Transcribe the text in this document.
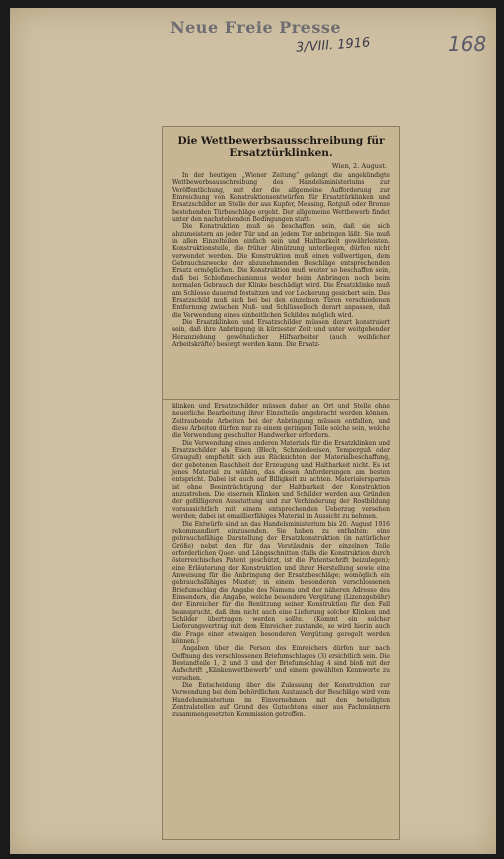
Neue Freie Presse
3/VIII. 1916	168
Die Wettbewerbsausschreibung für Ersatztürklinken.
Wien, 2. August.

In der heutigen „Wiener Zeitung“ gelangt die angekündigte Wettbewerbsausschreibung des Handelsministeriums zur Veröffentlichung, mit der die allgemeine Aufforderung zur Einreichung von Konstruktionsentwürfen für Ersatztürklinken und Ersatzschilder an Stelle der aus Kupfer, Messing, Rotguß oder Bronze bestehenden Türbeschläge ergeht. Der allgemeine Wettbewerb findet unter den nachstehenden Bedingungen statt:

Die Konstruktion muß so beschaffen sein, daß sie sich abzumeistern an jeder Tür und an jedem Tor anbringen läßt. Sie muß in allen Einzelteilen einfach sein und Haltbarkeit gewährleisten. Konstruktionsteile, die früher Abnützung unterliegen, dürfen nicht verwendet werden. Die Konstruktion muß einen vollwertigen, dem Gebrauchszwecke der abzunehmenden Beschläge entsprechenden Ersatz ermöglichen. Die Konstruktion muß weiter so beschaffen sein, daß bei Schloßmechanismus weder beim Anbringen noch beim normalen Gebrauch der Klinke beschädigt wird. Die Ersatzklinke muß am Schlosse dauernd festsitzen und vor Lockerung gesichert sein. Das Ersatzschild muß sich bei bei den einzelnen Türen verschiedenen Entfernung zwischen Nuß- und Schlüsselloch derart anpassen, daß die Verwendung eines einheitlichen Schildes möglich wird.

Die Ersatzklinken und Ersatzschilder müssen derart konstruiert sein, daß ihre Anbringung in kürzester Zeit und unter weitgehender Heranziehung gewöhnlicher Hilfsarbeiter (auch weiblicher Arbeitskräfte) besorgt werden kann. Die Ersatz-

klinken und Ersatzschilder müssen daher an Ort und Stelle ohne neuerliche Bearbeitung ihrer Einzelteile angebracht werden können. Zeitraubende Arbeiten bei der Anbringung müssen entfallen, und diese Arbeiten dürfen nur zu einem geringen Teile solche sein, welche die Verwendung geschulter Handwerker erfordern.

Die Verwendung eines anderen Materials für die Ersatzklinken und Ersatzschilder als Eisen (Blech, Schmiedeeisen, Temperguß oder Grauguß) empfiehlt sich aus Rücksichten der Materialbeschaffung, der gebotenen Raschheit der Erzeugung und Haltbarkeit nicht. Es ist jenes Material zu wählen, das diesen Anforderungen am besten entspricht. Dabei ist auch auf Billigkeit zu achten. Materialersparnis ist ohne Beeinträchtigung der Haltbarkeit der Konstruktion anzustreben. Die eisernen Klinken und Schilder werden aus Gründen der gefälligeren Ausstattung und zur Verhinderung der Rostbildung voraussichtlich mit einem entsprechenden Ueberzug versehen werden; dabei ist emaillierfähiges Material in Aussicht zu nehmen.

Die Entwürfe sind an das Handelsministerium bis 20. August 1916 rekommandiert einzusenden. Sie haben zu enthalten: eine gebrauchsfähige Darstellung der Ersatzkonstruktion (in natürlicher Größe) nebst den für das Verständnis der einzelnen Teile erforderlichen Quer- und Längsschnitten (falls die Konstruktion durch österreichisches Patent geschützt, ist die Patentschrift beizulegen); eine Erläuterung der Konstruktion und ihrer Herstellung sowie eine Anweisung für die Anbringung der Ersatzbeschläge; womöglich ein gebrauchsfähiges Muster; in einem besonderen verschlossenen Briefumschlag die Angabe des Namens und der näheren Adresse des Einsenders, die Angabe, welche besondere Vergütung (Lizenzgebühr) der Einreicher für die Benützung seiner Konstruktion für den Fall beansprucht, daß ihm nicht auch eine Lieferung solcher Klinken und Schilder übertragen werden sollte. (Kommt ein solcher Lieferungsvertrag mit dem Einreicher zustande, so wird hierin auch die Frage einer etwaigen besonderen Vergütung geregelt werden können.)

Angaben über die Person des Einreichers dürfen nur nach Oeffnung des verschlossenen Briefumschlages (3) ersichtlich sein. Die Bestandteile 1, 2 und 3 und der Briefumschlag 4 sind bloß mit der Aufschrift „Klinkenwettbewerb“ und einem gewählten Kennworte zu versehen.

Die Entscheidung über die Zulassung der Konstruktion zur Verwendung bei dem behördlichen Austausch der Beschläge wird vom Handelsministerium im Einvernehmen mit den beteiligten Zentralstellen auf Grund des Gutachtens einer aus Fachmännern zusammengesetzten Kommission getroffen.
